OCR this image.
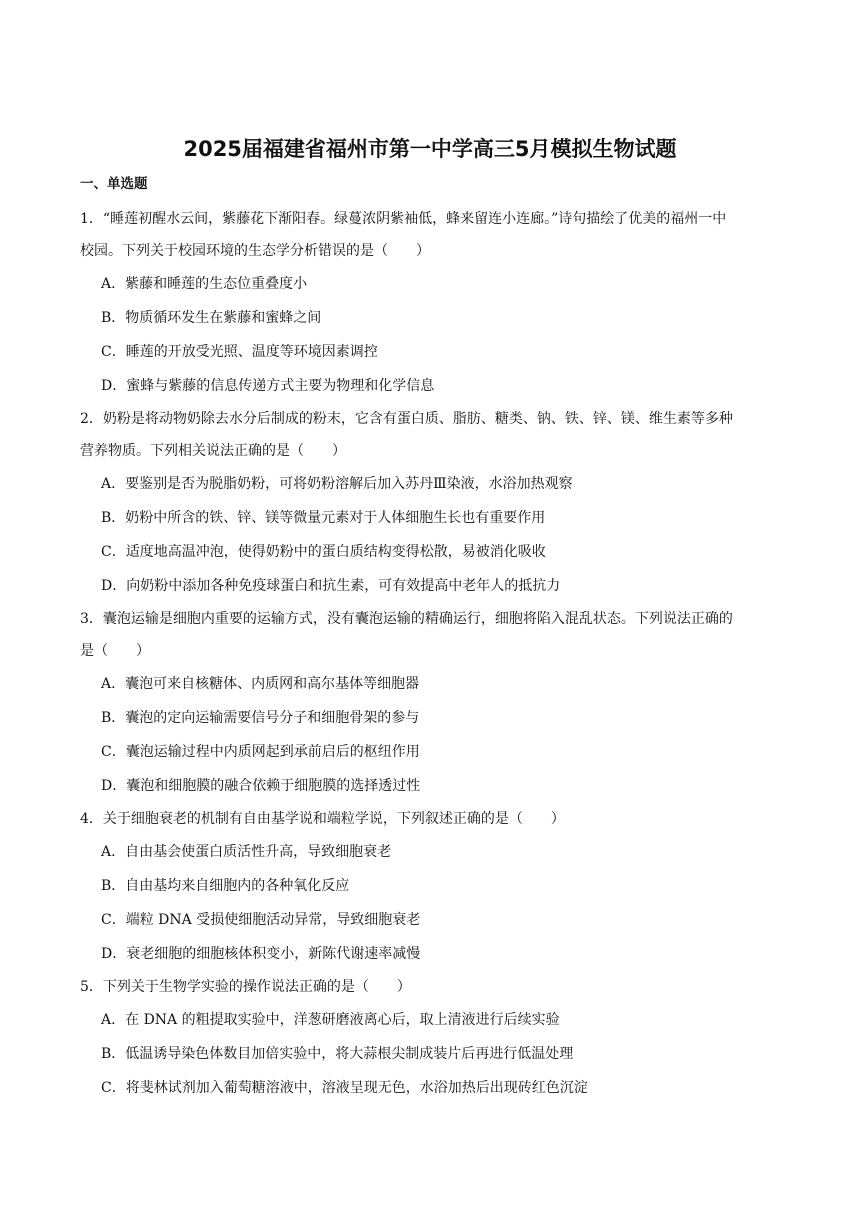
2025届福建省福州市第一中学高三5月模拟生物试题
一、单选题
1．“睡莲初醒水云间，紫藤花下渐阳春。绿蔓浓阴紫袖低，蜂来留连小连廊。”诗句描绘了优美的福州一中
校园。下列关于校园环境的生态学分析错误的是（　　）
A．紫藤和睡莲的生态位重叠度小
B．物质循环发生在紫藤和蜜蜂之间
C．睡莲的开放受光照、温度等环境因素调控
D．蜜蜂与紫藤的信息传递方式主要为物理和化学信息
2．奶粉是将动物奶除去水分后制成的粉末，它含有蛋白质、脂肪、糖类、钠、铁、锌、镁、维生素等多种
营养物质。下列相关说法正确的是（　　）
A．要鉴别是否为脱脂奶粉，可将奶粉溶解后加入苏丹Ⅲ染液，水浴加热观察
B．奶粉中所含的铁、锌、镁等微量元素对于人体细胞生长也有重要作用
C．适度地高温冲泡，使得奶粉中的蛋白质结构变得松散，易被消化吸收
D．向奶粉中添加各种免疫球蛋白和抗生素，可有效提高中老年人的抵抗力
3．囊泡运输是细胞内重要的运输方式，没有囊泡运输的精确运行，细胞将陷入混乱状态。下列说法正确的
是（　　）
A．囊泡可来自核糖体、内质网和高尔基体等细胞器
B．囊泡的定向运输需要信号分子和细胞骨架的参与
C．囊泡运输过程中内质网起到承前启后的枢纽作用
D．囊泡和细胞膜的融合依赖于细胞膜的选择透过性
4．关于细胞衰老的机制有自由基学说和端粒学说，下列叙述正确的是（　　）
A．自由基会使蛋白质活性升高，导致细胞衰老
B．自由基均来自细胞内的各种氧化反应
C．端粒 DNA 受损使细胞活动异常，导致细胞衰老
D．衰老细胞的细胞核体积变小，新陈代谢速率减慢
5．下列关于生物学实验的操作说法正确的是（　　）
A．在 DNA 的粗提取实验中，洋葱研磨液离心后，取上清液进行后续实验
B．低温诱导染色体数目加倍实验中，将大蒜根尖制成装片后再进行低温处理
C．将斐林试剂加入葡萄糖溶液中，溶液呈现无色，水浴加热后出现砖红色沉淀
